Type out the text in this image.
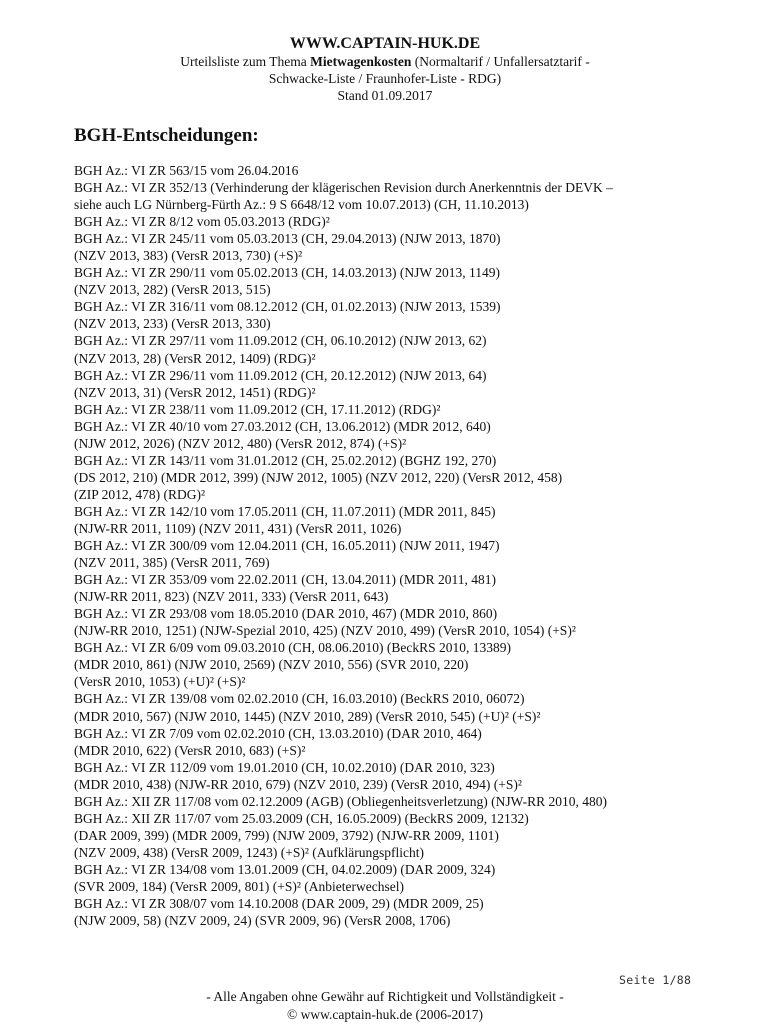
WWW.CAPTAIN-HUK.DE
Urteilsliste zum Thema Mietwagenkosten (Normaltarif / Unfallersatztarif -
Schwacke-Liste / Fraunhofer-Liste - RDG)
Stand 01.09.2017
BGH-Entscheidungen:
BGH Az.: VI ZR 563/15 vom 26.04.2016
BGH Az.: VI ZR 352/13 (Verhinderung der klägerischen Revision durch Anerkenntnis der DEVK –
siehe auch LG Nürnberg-Fürth Az.: 9 S 6648/12 vom 10.07.2013) (CH, 11.10.2013)
BGH Az.: VI ZR 8/12 vom 05.03.2013 (RDG)²
BGH Az.: VI ZR 245/11 vom 05.03.2013 (CH, 29.04.2013) (NJW 2013, 1870)
(NZV 2013, 383) (VersR 2013, 730) (+S)²
BGH Az.: VI ZR 290/11 vom 05.02.2013 (CH, 14.03.2013) (NJW 2013, 1149)
(NZV 2013, 282) (VersR 2013, 515)
BGH Az.: VI ZR 316/11 vom 08.12.2012 (CH, 01.02.2013) (NJW 2013, 1539)
(NZV 2013, 233) (VersR 2013, 330)
BGH Az.: VI ZR 297/11 vom 11.09.2012 (CH, 06.10.2012) (NJW 2013, 62)
(NZV 2013, 28) (VersR 2012, 1409) (RDG)²
BGH Az.: VI ZR 296/11 vom 11.09.2012 (CH, 20.12.2012) (NJW 2013, 64)
(NZV 2013, 31) (VersR 2012, 1451) (RDG)²
BGH Az.: VI ZR 238/11 vom 11.09.2012 (CH, 17.11.2012) (RDG)²
BGH Az.: VI ZR 40/10 vom 27.03.2012 (CH, 13.06.2012) (MDR 2012, 640)
(NJW 2012, 2026) (NZV 2012, 480) (VersR 2012, 874) (+S)²
BGH Az.: VI ZR 143/11 vom 31.01.2012 (CH, 25.02.2012) (BGHZ 192, 270)
(DS 2012, 210) (MDR 2012, 399) (NJW 2012, 1005) (NZV 2012, 220) (VersR 2012, 458)
(ZIP 2012, 478) (RDG)²
BGH Az.: VI ZR 142/10 vom 17.05.2011 (CH, 11.07.2011) (MDR 2011, 845)
(NJW-RR 2011, 1109) (NZV 2011, 431) (VersR 2011, 1026)
BGH Az.: VI ZR 300/09 vom 12.04.2011 (CH, 16.05.2011) (NJW 2011, 1947)
(NZV 2011, 385) (VersR 2011, 769)
BGH Az.: VI ZR 353/09 vom 22.02.2011 (CH, 13.04.2011) (MDR 2011, 481)
(NJW-RR 2011, 823) (NZV 2011, 333) (VersR 2011, 643)
BGH Az.: VI ZR 293/08 vom 18.05.2010 (DAR 2010, 467) (MDR 2010, 860)
(NJW-RR 2010, 1251) (NJW-Spezial 2010, 425) (NZV 2010, 499) (VersR 2010, 1054) (+S)²
BGH Az.: VI ZR 6/09 vom 09.03.2010 (CH, 08.06.2010) (BeckRS 2010, 13389)
(MDR 2010, 861) (NJW 2010, 2569) (NZV 2010, 556) (SVR 2010, 220)
(VersR 2010, 1053) (+U)² (+S)²
BGH Az.: VI ZR 139/08 vom 02.02.2010 (CH, 16.03.2010) (BeckRS 2010, 06072)
(MDR 2010, 567) (NJW 2010, 1445) (NZV 2010, 289) (VersR 2010, 545) (+U)² (+S)²
BGH Az.: VI ZR 7/09 vom 02.02.2010 (CH, 13.03.2010) (DAR 2010, 464)
(MDR 2010, 622) (VersR 2010, 683) (+S)²
BGH Az.: VI ZR 112/09 vom 19.01.2010 (CH, 10.02.2010) (DAR 2010, 323)
(MDR 2010, 438) (NJW-RR 2010, 679) (NZV 2010, 239) (VersR 2010, 494) (+S)²
BGH Az.: XII ZR 117/08 vom 02.12.2009 (AGB) (Obliegenheitsverletzung) (NJW-RR 2010, 480)
BGH Az.: XII ZR 117/07 vom 25.03.2009 (CH, 16.05.2009) (BeckRS 2009, 12132)
(DAR 2009, 399) (MDR 2009, 799) (NJW 2009, 3792) (NJW-RR 2009, 1101)
(NZV 2009, 438) (VersR 2009, 1243) (+S)² (Aufklärungspflicht)
BGH Az.: VI ZR 134/08 vom 13.01.2009 (CH, 04.02.2009) (DAR 2009, 324)
(SVR 2009, 184) (VersR 2009, 801) (+S)² (Anbieterwechsel)
BGH Az.: VI ZR 308/07 vom 14.10.2008 (DAR 2009, 29) (MDR 2009, 25)
(NJW 2009, 58) (NZV 2009, 24) (SVR 2009, 96) (VersR 2008, 1706)
Seite 1/88
- Alle Angaben ohne Gewähr auf Richtigkeit und Vollständigkeit -
© www.captain-huk.de (2006-2017)
